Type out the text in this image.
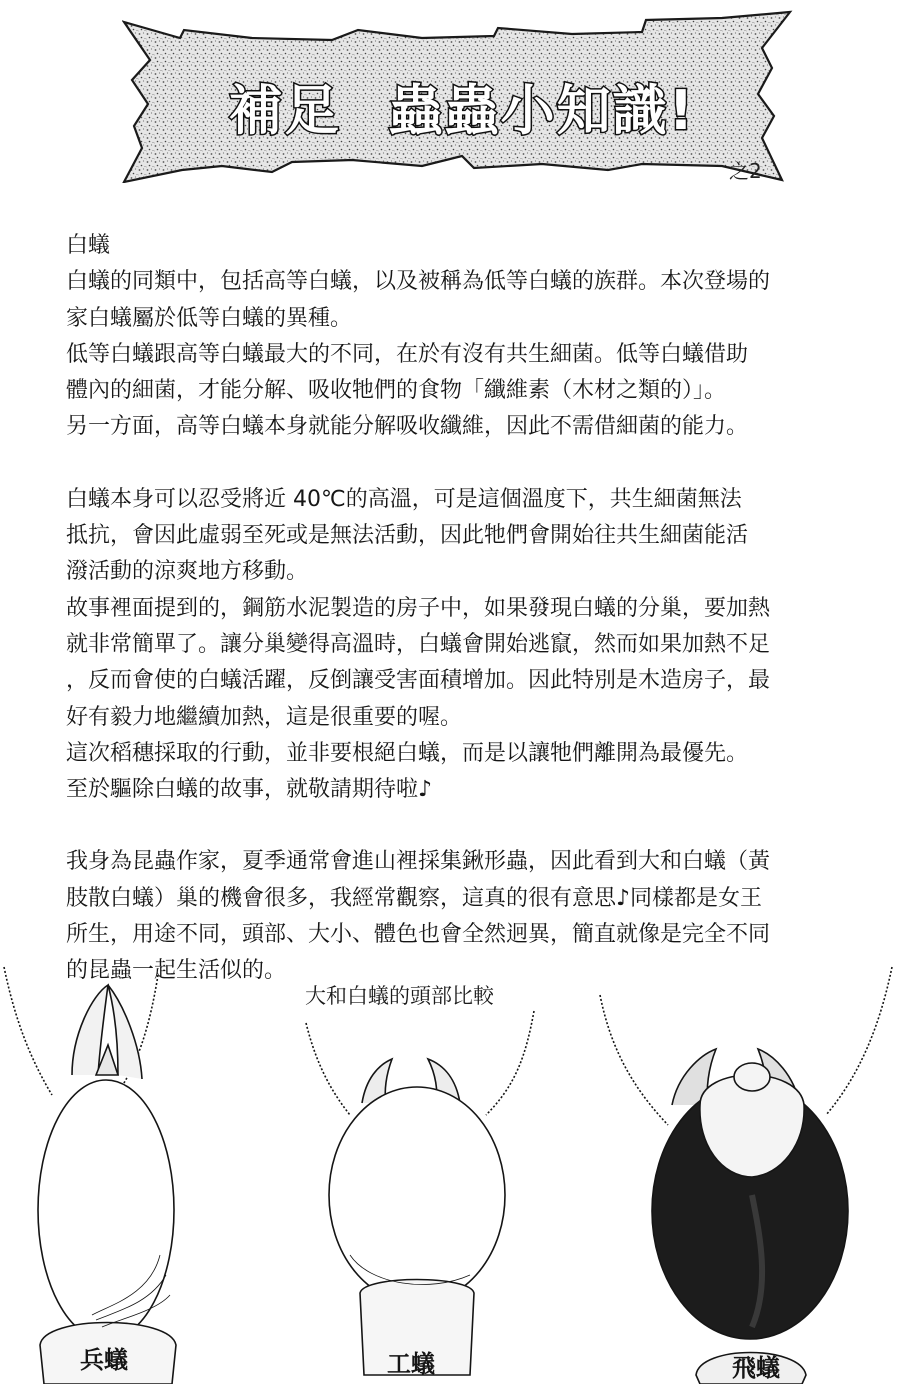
補足 蟲蟲小知識!
之2

白蟻

白蟻的同類中，包括高等白蟻，以及被稱為低等白蟻的族群。本次登場的

家白蟻屬於低等白蟻的異種。

低等白蟻跟高等白蟻最大的不同，在於有沒有共生細菌。低等白蟻借助

體內的細菌，才能分解、吸收牠們的食物「纖維素（木材之類的）」。

另一方面，高等白蟻本身就能分解吸收纖維，因此不需借細菌的能力。

白蟻本身可以忍受將近 40℃的高溫，可是這個溫度下，共生細菌無法

抵抗，會因此虛弱至死或是無法活動，因此牠們會開始往共生細菌能活

潑活動的涼爽地方移動。

故事裡面提到的，鋼筋水泥製造的房子中，如果發現白蟻的分巢，要加熱

就非常簡單了。讓分巢變得高溫時，白蟻會開始逃竄，然而如果加熱不足

，反而會使的白蟻活躍，反倒讓受害面積增加。因此特別是木造房子，最

好有毅力地繼續加熱，這是很重要的喔。

這次稻穗採取的行動，並非要根絕白蟻，而是以讓牠們離開為最優先。

至於驅除白蟻的故事，就敬請期待啦♪

我身為昆蟲作家，夏季通常會進山裡採集鍬形蟲，因此看到大和白蟻（黃

肢散白蟻）巢的機會很多，我經常觀察，這真的很有意思♪同樣都是女王

所生，用途不同，頭部、大小、體色也會全然迥異，簡直就像是完全不同

的昆蟲一起生活似的。

大和白蟻的頭部比較
兵蟻	工蟻	飛蟻
